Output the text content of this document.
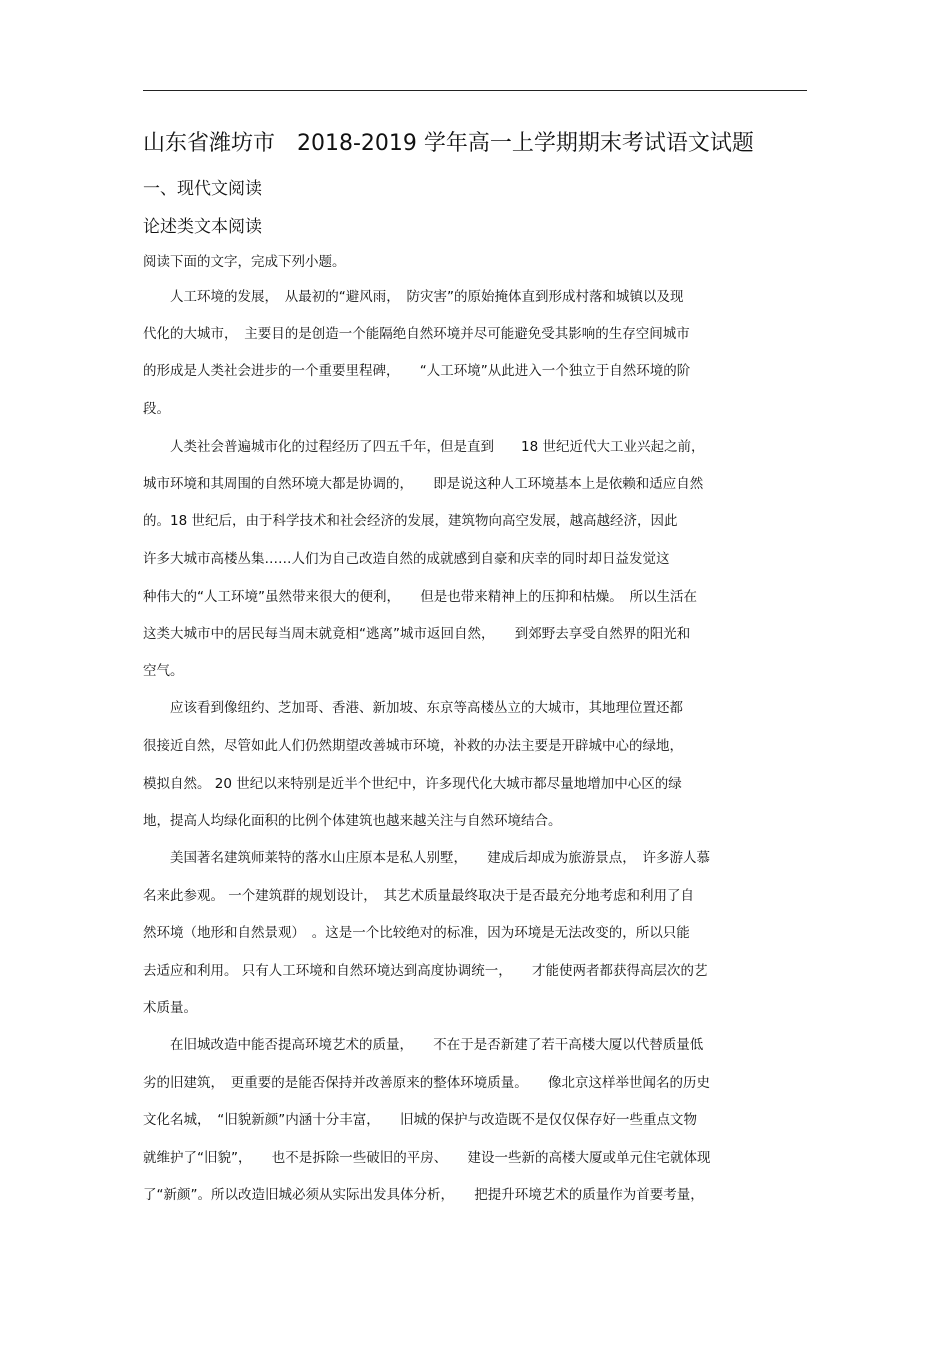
山东省潍坊市　2018-2019 学年高一上学期期末考试语文试题
一、现代文阅读
论述类文本阅读
阅读下面的文字，完成下列小题。
　　人工环境的发展，　从最初的“避风雨，　防灾害”的原始掩体直到形成村落和城镇以及现
代化的大城市，　主要目的是创造一个能隔绝自然环境并尽可能避免受其影响的生存空间城市
的形成是人类社会进步的一个重要里程碑，　　“人工环境”从此进入一个独立于自然环境的阶
段。
　　人类社会普遍城市化的过程经历了四五千年，但是直到　　18 世纪近代大工业兴起之前，
城市环境和其周围的自然环境大都是协调的，　　即是说这种人工环境基本上是依赖和适应自然
的。18 世纪后，由于科学技术和社会经济的发展，建筑物向高空发展，越高越经济，因此
许多大城市高楼丛集……人们为自己改造自然的成就感到自豪和庆幸的同时却日益发觉这
种伟大的“人工环境”虽然带来很大的便利，　　但是也带来精神上的压抑和枯燥。　所以生活在
这类大城市中的居民每当周末就竟相“逃离”城市返回自然，　　到郊野去享受自然界的阳光和
空气。
　　应该看到像纽约、芝加哥、香港、新加坡、东京等高楼丛立的大城市，其地理位置还都
很接近自然，尽管如此人们仍然期望改善城市环境，补救的办法主要是开辟城中心的绿地，
模拟自然。 20 世纪以来特别是近半个世纪中，许多现代化大城市都尽量地增加中心区的绿
地，提高人均绿化面积的比例个体建筑也越来越关注与自然环境结合。
　　美国著名建筑师莱特的落水山庄原本是私人别墅，　　建成后却成为旅游景点，　许多游人慕
名来此参观。 一个建筑群的规划设计，　其艺术质量最终取决于是否最充分地考虑和利用了自
然环境（地形和自然景观）　。这是一个比较绝对的标准，因为环境是无法改变的，所以只能
去适应和利用。 只有人工环境和自然环境达到高度协调统一，　　才能使两者都获得高层次的艺
术质量。
　　在旧城改造中能否提高环境艺术的质量，　　不在于是否新建了若干高楼大厦以代替质量低
劣的旧建筑，　更重要的是能否保持并改善原来的整体环境质量。　　像北京这样举世闻名的历史
文化名城，　“旧貌新颜”内涵十分丰富，　　旧城的保护与改造既不是仅仅保存好一些重点文物
就维护了“旧貌”，　　也不是拆除一些破旧的平房、　　建设一些新的高楼大厦或单元住宅就体现
了“新颜”。所以改造旧城必须从实际出发具体分析，　　把提升环境艺术的质量作为首要考量，
